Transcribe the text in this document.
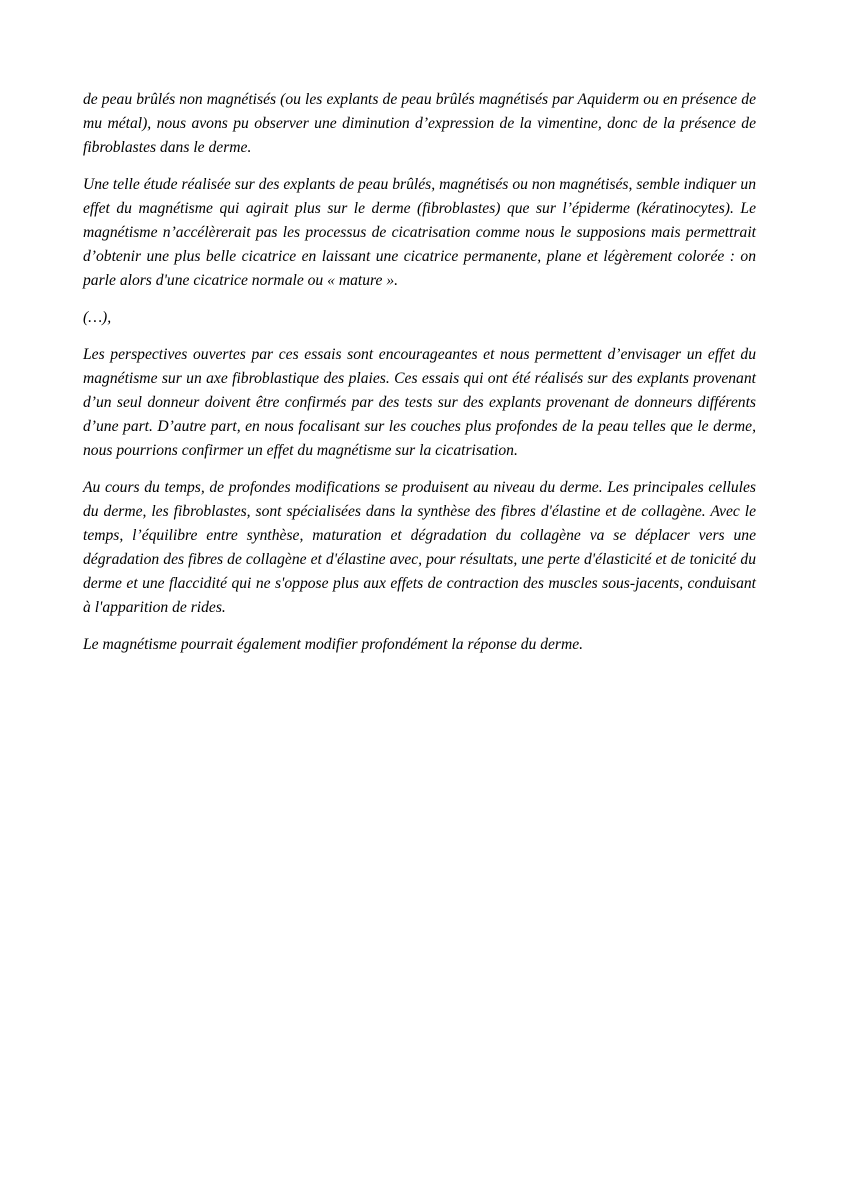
de peau brûlés non magnétisés (ou les explants de peau brûlés magnétisés par Aquiderm ou en présence de mu métal), nous avons pu observer une diminution d’expression de la vimentine, donc de la présence de fibroblastes dans le derme.

Une telle étude réalisée sur des explants de peau brûlés, magnétisés ou non magnétisés, semble indiquer un effet du magnétisme qui agirait plus sur le derme (fibroblastes) que sur l’épiderme (kératinocytes). Le magnétisme n’accélèrerait pas les processus de cicatrisation comme nous le supposions mais permettrait d’obtenir une plus belle cicatrice en laissant une cicatrice permanente, plane et légèrement colorée : on parle alors d'une cicatrice normale ou « mature ».

(…),

Les perspectives ouvertes par ces essais sont encourageantes et nous permettent d’envisager un effet du magnétisme sur un axe fibroblastique des plaies. Ces essais qui ont été réalisés sur des explants provenant d’un seul donneur doivent être confirmés par des tests sur des explants provenant de donneurs différents d’une part. D’autre part, en nous focalisant sur les couches plus profondes de la peau telles que le derme, nous pourrions confirmer un effet du magnétisme sur la cicatrisation.

Au cours du temps, de profondes modifications se produisent au niveau du derme. Les principales cellules du derme, les fibroblastes, sont spécialisées dans la synthèse des fibres d'élastine et de collagène. Avec le temps, l’équilibre entre synthèse, maturation et dégradation du collagène va se déplacer vers une dégradation des fibres de collagène et d'élastine avec, pour résultats, une perte d'élasticité et de tonicité du derme et une flaccidité qui ne s'oppose plus aux effets de contraction des muscles sous-jacents, conduisant à l'apparition de rides.

Le magnétisme pourrait également modifier profondément la réponse du derme.
